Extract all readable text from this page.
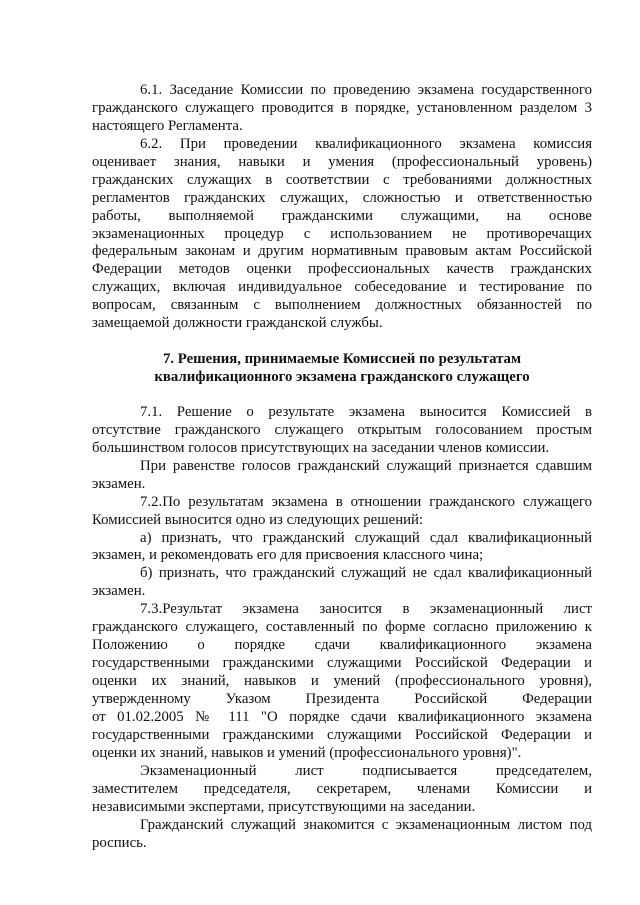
6.1. Заседание Комиссии по проведению экзамена государственного
гражданского служащего проводится в порядке, установленном разделом 3
настоящего Регламента.
6.2. При проведении квалификационного экзамена комиссия
оценивает знания, навыки и умения (профессиональный уровень)
гражданских служащих в соответствии с требованиями должностных
регламентов гражданских служащих, сложностью и ответственностью
работы, выполняемой гражданскими служащими, на основе
экзаменационных процедур с использованием не противоречащих
федеральным законам и другим нормативным правовым актам Российской
Федерации методов оценки профессиональных качеств гражданских
служащих, включая индивидуальное собеседование и тестирование по
вопросам, связанным с выполнением должностных обязанностей по
замещаемой должности гражданской службы.
7. Решения, принимаемые Комиссией по результатам
квалификационного экзамена гражданского служащего
7.1. Решение о результате экзамена выносится Комиссией в
отсутствие гражданского служащего открытым голосованием простым
большинством голосов присутствующих на заседании членов комиссии.
При равенстве голосов гражданский служащий признается сдавшим
экзамен.
7.2.По результатам экзамена в отношении гражданского служащего
Комиссией выносится одно из следующих решений:
а) признать, что гражданский служащий сдал квалификационный
экзамен, и рекомендовать его для присвоения классного чина;
б) признать, что гражданский служащий не сдал квалификационный
экзамен.
7.3.Результат экзамена заносится в экзаменационный лист
гражданского служащего, составленный по форме согласно приложению к
Положению о порядке сдачи квалификационного экзамена
государственными гражданскими служащими Российской Федерации и
оценки их знаний, навыков и умений (профессионального уровня),
утвержденному Указом Президента Российской Федерации
от 01.02.2005 № 111 "О порядке сдачи квалификационного экзамена
государственными гражданскими служащими Российской Федерации и
оценки их знаний, навыков и умений (профессионального уровня)".
Экзаменационный лист подписывается председателем,
заместителем председателя, секретарем, членами Комиссии и
независимыми экспертами, присутствующими на заседании.
Гражданский служащий знакомится с экзаменационным листом под
роспись.
